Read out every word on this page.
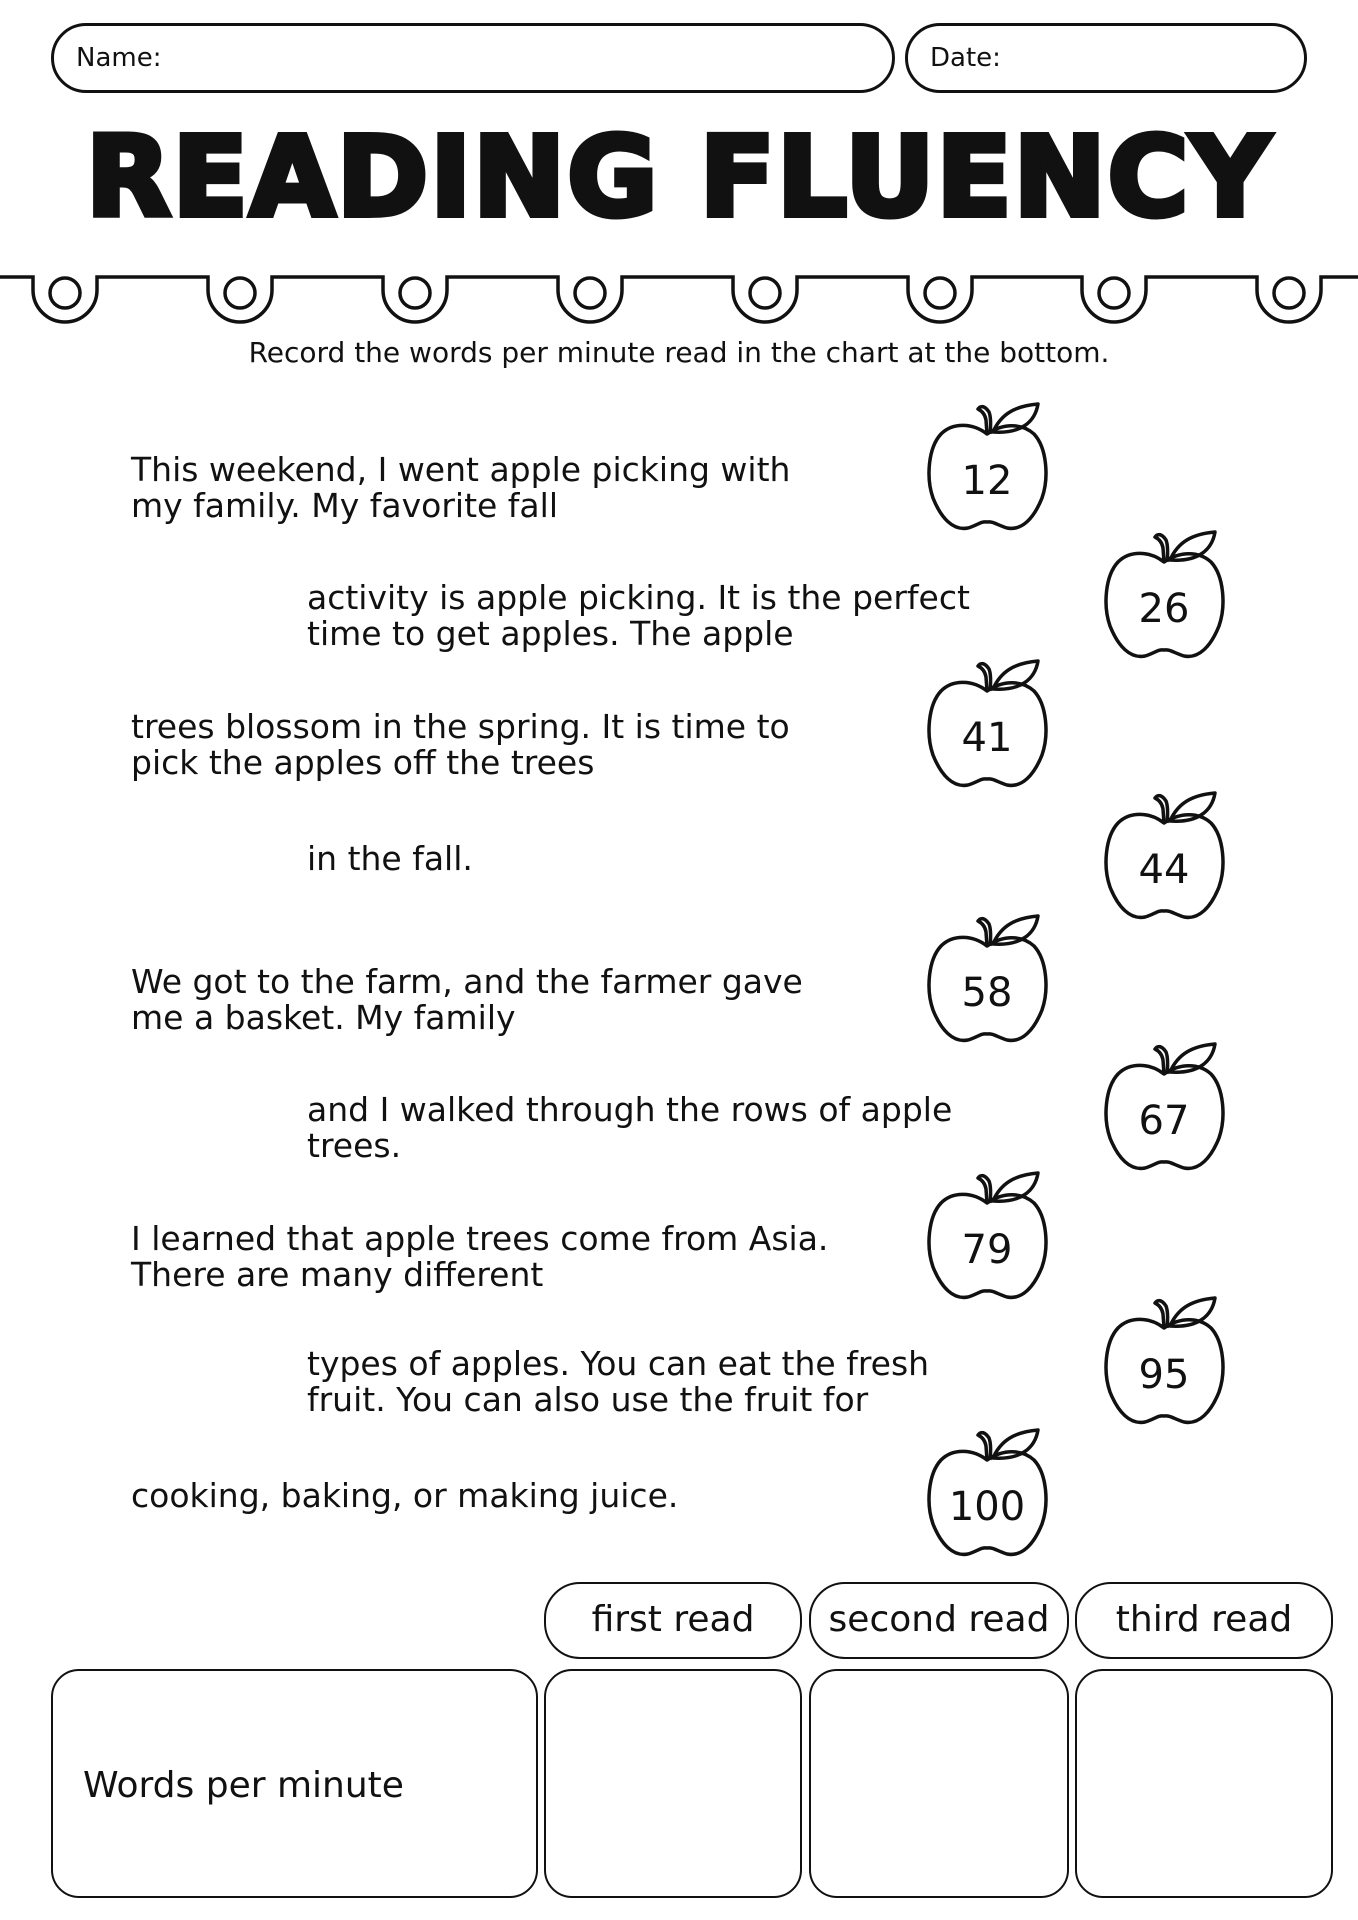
Name:	Date:
READING FLUENCY
Record the words per minute read in the chart at the bottom.
This weekend, I went apple picking with
my family. My favorite fall
activity is apple picking. It is the perfect
time to get apples. The apple
trees blossom in the spring. It is time to
pick the apples off the trees
in the fall.
We got to the farm, and the farmer gave
me a basket. My family
and I walked through the rows of apple
trees.
I learned that apple trees come from Asia.
There are many different
types of apples. You can eat the fresh
fruit. You can also use the fruit for
cooking, baking, or making juice.
12
26
41
44
58
67
79
95
100
first read	second read	third read
Words per minute
